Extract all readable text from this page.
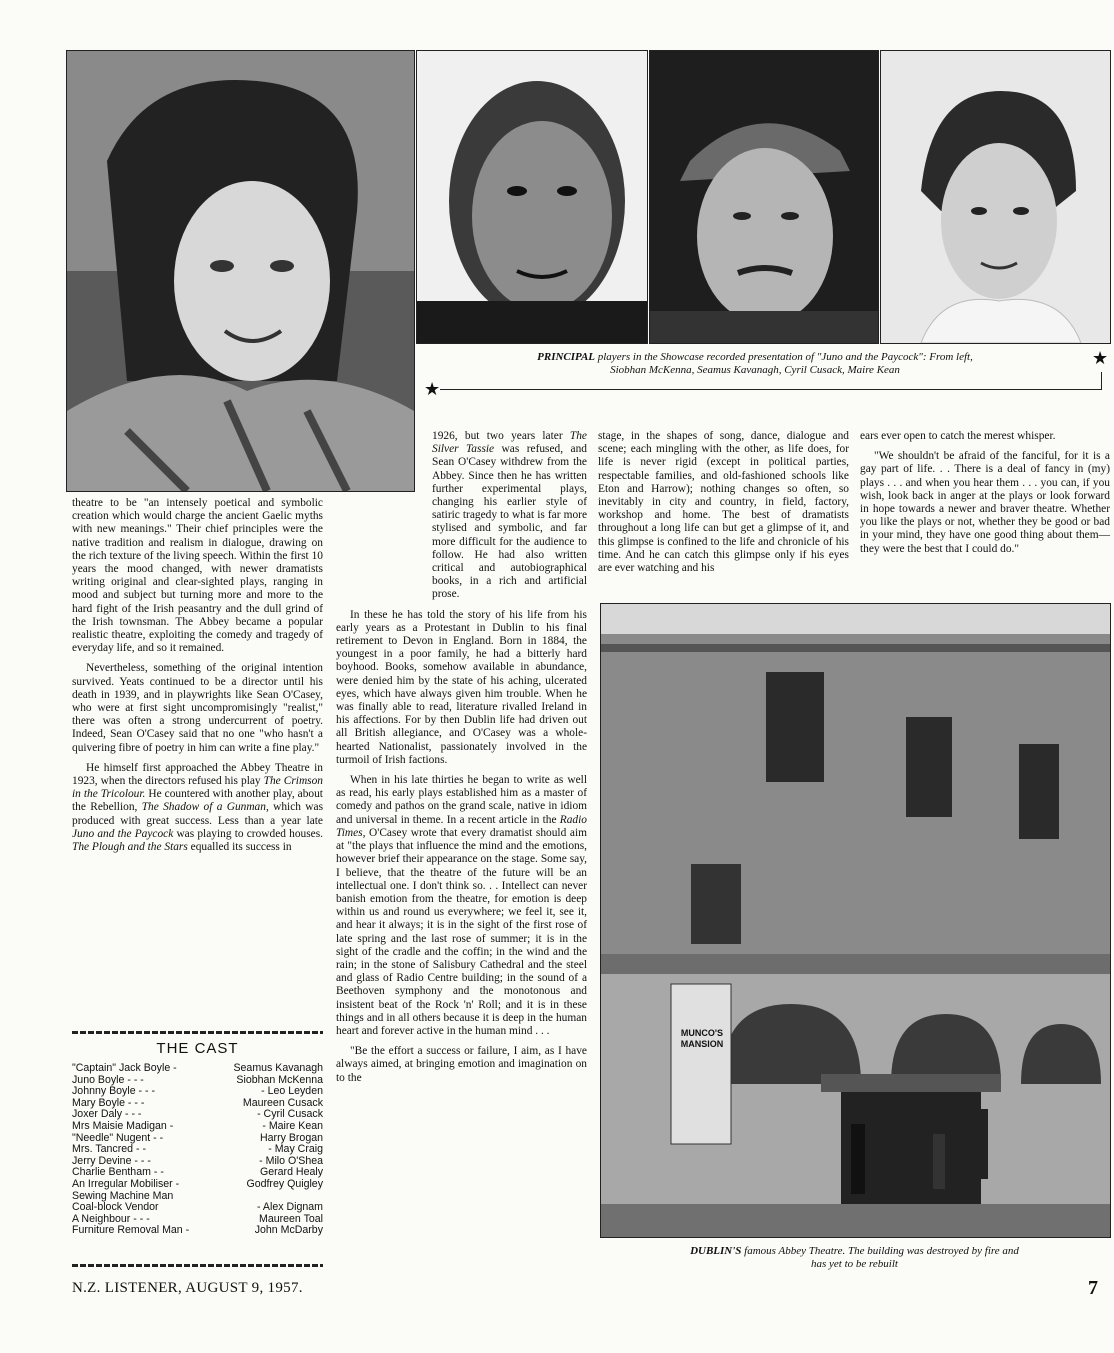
PRINCIPAL players in the Showcase recorded presentation of "Juno and the Paycock": From left,
Siobhan McKenna, Seamus Kavanagh, Cyril Cusack, Maire Kean
★
★

theatre to be "an intensely poetical and symbolic creation which would charge the ancient Gaelic myths with new meanings." Their chief principles were the native tradition and realism in dialogue, drawing on the rich texture of the living speech. Within the first 10 years the mood changed, with newer dramatists writing original and clear-sighted plays, ranging in mood and subject but turning more and more to the hard fight of the Irish peasantry and the dull grind of the Irish townsman. The Abbey became a popular realistic theatre, exploiting the comedy and tragedy of everyday life, and so it remained.

Nevertheless, something of the original intention survived. Yeats continued to be a director until his death in 1939, and in playwrights like Sean O'Casey, who were at first sight uncompromisingly "realist," there was often a strong undercurrent of poetry. Indeed, Sean O'Casey said that no one "who hasn't a quivering fibre of poetry in him can write a fine play."

He himself first approached the Abbey Theatre in 1923, when the directors refused his play The Crimson in the Tricolour. He countered with another play, about the Rebellion, The Shadow of a Gunman, which was produced with great success. Less than a year late Juno and the Paycock was playing to crowded houses. The Plough and the Stars equalled its success in

THE CAST
"Captain" Jack Boyle -	Seamus Kavanagh
Juno Boyle - - -	Siobhan McKenna
Johnny Boyle - - -	- Leo Leyden
Mary Boyle - - -	Maureen Cusack
Joxer Daly - - -	- Cyril Cusack
Mrs Maisie Madigan -	- Maire Kean
"Needle" Nugent - -	Harry Brogan
Mrs. Tancred - -	- May Craig
Jerry Devine - - -	- Milo O'Shea
Charlie Bentham - -	Gerard Healy
An Irregular Mobiliser -	Godfrey Quigley
Sewing Machine Man	
Coal-block Vendor	- Alex Dignam
A Neighbour - - -	Maureen Toal
Furniture Removal Man -	John McDarby
1926, but two years later The Silver Tassie was refused, and Sean O'Casey withdrew from the Abbey. Since then he has written further experimental plays, changing his earlier style of satiric tragedy to what is far more stylised and symbolic, and far more difficult for the audience to follow. He had also written critical and autobiographical books, in a rich and artificial prose.

In these he has told the story of his life from his early years as a Protestant in Dublin to his final retirement to Devon in England. Born in 1884, the youngest in a poor family, he had a bitterly hard boyhood. Books, somehow available in abundance, were denied him by the state of his aching, ulcerated eyes, which have always given him trouble. When he was finally able to read, literature rivalled Ireland in his affections. For by then Dublin life had driven out all British allegiance, and O'Casey was a whole-hearted Nationalist, passionately involved in the turmoil of Irish factions.

When in his late thirties he began to write as well as read, his early plays established him as a master of comedy and pathos on the grand scale, native in idiom and universal in theme. In a recent article in the Radio Times, O'Casey wrote that every dramatist should aim at "the plays that influence the mind and the emotions, however brief their appearance on the stage. Some say, I believe, that the theatre of the future will be an intellectual one. I don't think so. . . Intellect can never banish emotion from the theatre, for emotion is deep within us and round us everywhere; we feel it, see it, and hear it always; it is in the sight of the first rose of late spring and the last rose of summer; it is in the sight of the cradle and the coffin; in the wind and the rain; in the stone of Salisbury Cathedral and the steel and glass of Radio Centre building; in the sound of a Beethoven symphony and the monotonous and insistent beat of the Rock 'n' Roll; and it is in these things and in all others because it is deep in the human heart and forever active in the human mind . . .

"Be the effort a success or failure, I aim, as I have always aimed, at bringing emotion and imagination on to the

stage, in the shapes of song, dance, dialogue and scene; each mingling with the other, as life does, for life is never rigid (except in political parties, respectable families, and old-fashioned schools like Eton and Harrow); nothing changes so often, so inevitably in city and country, in field, factory, workshop and home. The best of dramatists throughout a long life can but get a glimpse of it, and this glimpse is confined to the life and chronicle of his time. And he can catch this glimpse only if his eyes are ever watching and his

ears ever open to catch the merest whisper.

"We shouldn't be afraid of the fanciful, for it is a gay part of life. . . There is a deal of fancy in (my) plays . . . and when you hear them . . . you can, if you wish, look back in anger at the plays or look forward in hope towards a newer and braver theatre. Whether you like the plays or not, whether they be good or bad in your mind, they have one good thing about them—they were the best that I could do."

MUNCO'S
MANSION
DUBLIN'S famous Abbey Theatre. The building was destroyed by fire and
has yet to be rebuilt
N.Z. LISTENER, AUGUST 9, 1957.	7
